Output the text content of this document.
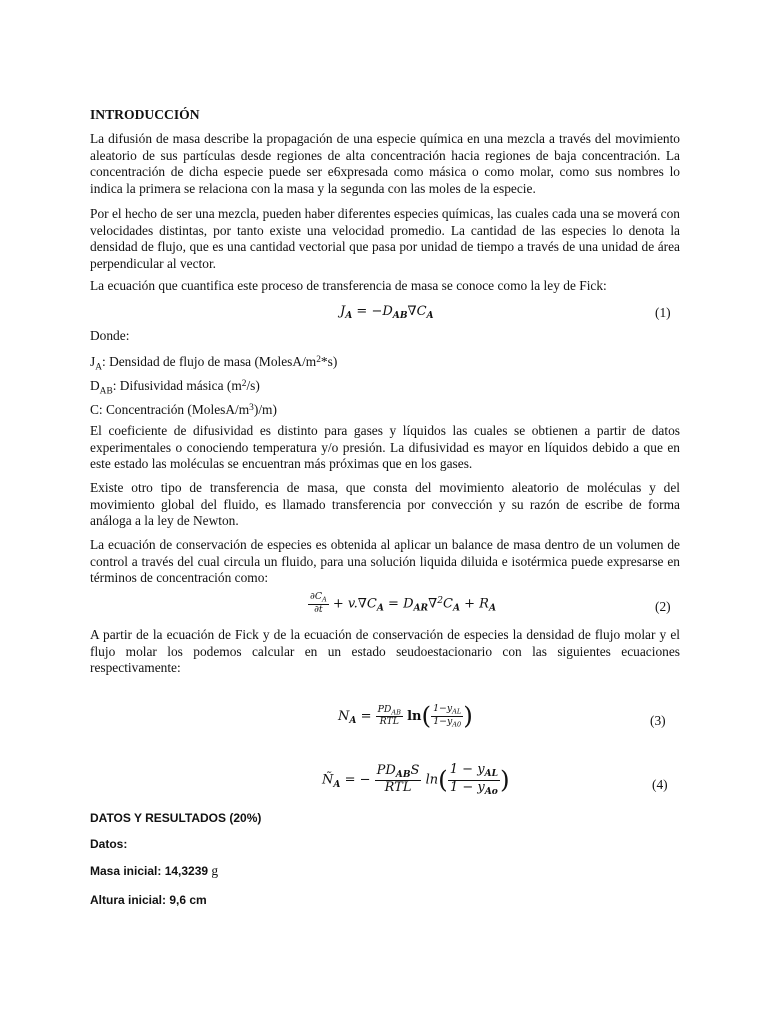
INTRODUCCIÓN
La difusión de masa describe la propagación de una especie química en una mezcla a través del movimiento aleatorio de sus partículas desde regiones de alta concentración hacia regiones de baja concentración. La concentración de dicha especie puede ser e6xpresada como másica o como molar, como sus nombres lo indica la primera se relaciona con la masa y la segunda con las moles de la especie.
Por el hecho de ser una mezcla, pueden haber diferentes especies químicas, las cuales cada una se moverá con velocidades distintas, por tanto existe una velocidad promedio. La cantidad de las especies lo denota la densidad de flujo, que es una cantidad vectorial que pasa por unidad de tiempo a través de una unidad de área perpendicular al vector.
La ecuación que cuantifica este proceso de transferencia de masa se conoce como la ley de Fick:
$J_A = -D_{AB}\nabla C_A$	(1)
Donde:
$J_A$: Densidad de flujo de masa $(MolesA/m^2*s)$
$D_{AB}$: Difusividad másica $(m^2/s)$
C: Concentración $(MolesA/m^3)/m$)
El coeficiente de difusividad es distinto para gases y líquidos las cuales se obtienen a partir de datos experimentales o conociendo temperatura y/o presión. La difusividad es mayor en líquidos debido a que en este estado las moléculas se encuentran más próximas que en los gases.
Existe otro tipo de transferencia de masa, que consta del movimiento aleatorio de moléculas y del movimiento global del fluido, es llamado transferencia por convección y su razón de escribe de forma análoga a la ley de Newton.
La ecuación de conservación de especies es obtenida al aplicar un balance de masa dentro de un volumen de control a través del cual circula un fluido, para una solución liquida diluida e isotérmica puede expresarse en términos de concentración como:
$\frac{\partial C_A}{\partial t} + v.\nabla C_A = D_{AR}\nabla^2C_A + R_A$	(2)
A partir de la ecuación de Fick y de la ecuación de conservación de especies la densidad de flujo molar y el flujo molar los podemos calcular en un estado seudoestacionario con las siguientes ecuaciones respectivamente:
$N_A = \frac{PD_{AB}}{\text{RTL}} \ln( \frac{1-y_{AL}}{1-y_{A0}}$ )	(3)
$Ñ_A$ = − $\frac{PD_{AB}S}{\text{RTL}} \ln( \frac{1 - y_{AL}}{1 - y_{Ao}}$ )	(4)
DATOS Y RESULTADOS (20%)
Datos:
Masa inicial: 14,3239 g
Altura inicial: 9,6 cm
